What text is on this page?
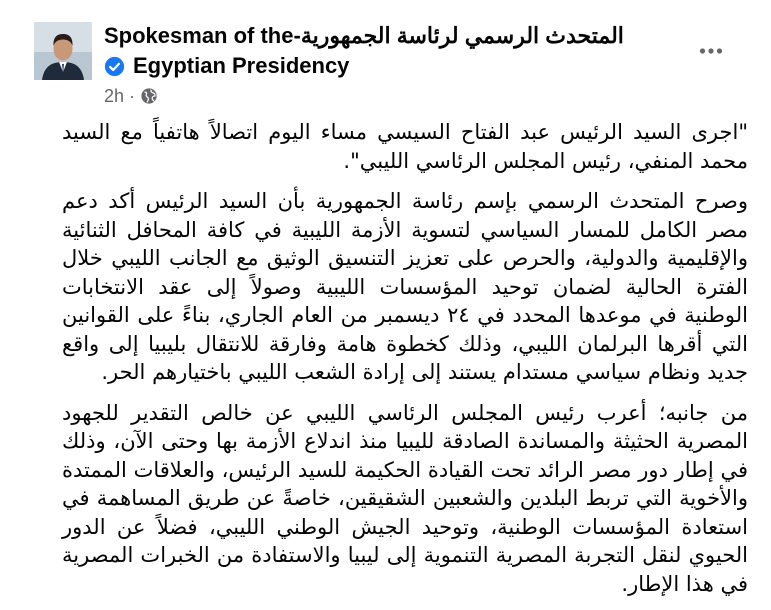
Spokesman of the-المتحدث الرسمي لرئاسة الجمهورية
Egyptian Presidency
2h ·

"اجرى السيد الرئيس عبد الفتاح السيسي مساء اليوم اتصالاً هاتفياً مع السيد محمد المنفي، رئيس المجلس الرئاسي الليبي".

وصرح المتحدث الرسمي بإسم رئاسة الجمهورية بأن السيد الرئيس أكد دعم مصر الكامل للمسار السياسي لتسوية الأزمة الليبية في كافة المحافل الثنائية والإقليمية والدولية، والحرص على تعزيز التنسيق الوثيق مع الجانب الليبي خلال الفترة الحالية لضمان توحيد المؤسسات الليبية وصولاً إلى عقد الانتخابات الوطنية في موعدها المحدد في ٢٤ ديسمبر من العام الجاري، بناءً على القوانين التي أقرها البرلمان الليبي، وذلك كخطوة هامة وفارقة للانتقال بليبيا إلى واقع جديد ونظام سياسي مستدام يستند إلى إرادة الشعب الليبي باختيارهم الحر.

من جانبه؛ أعرب رئيس المجلس الرئاسي الليبي عن خالص التقدير للجهود المصرية الحثيثة والمساندة الصادقة لليبيا منذ اندلاع الأزمة بها وحتى الآن، وذلك في إطار دور مصر الرائد تحت القيادة الحكيمة للسيد الرئيس، والعلاقات الممتدة والأخوية التي تربط البلدين والشعبين الشقيقين، خاصةً عن طريق المساهمة في استعادة المؤسسات الوطنية، وتوحيد الجيش الوطني الليبي، فضلاً عن الدور الحيوي لنقل التجربة المصرية التنموية إلى ليبيا والاستفادة من الخبرات المصرية في هذا الإطار.
